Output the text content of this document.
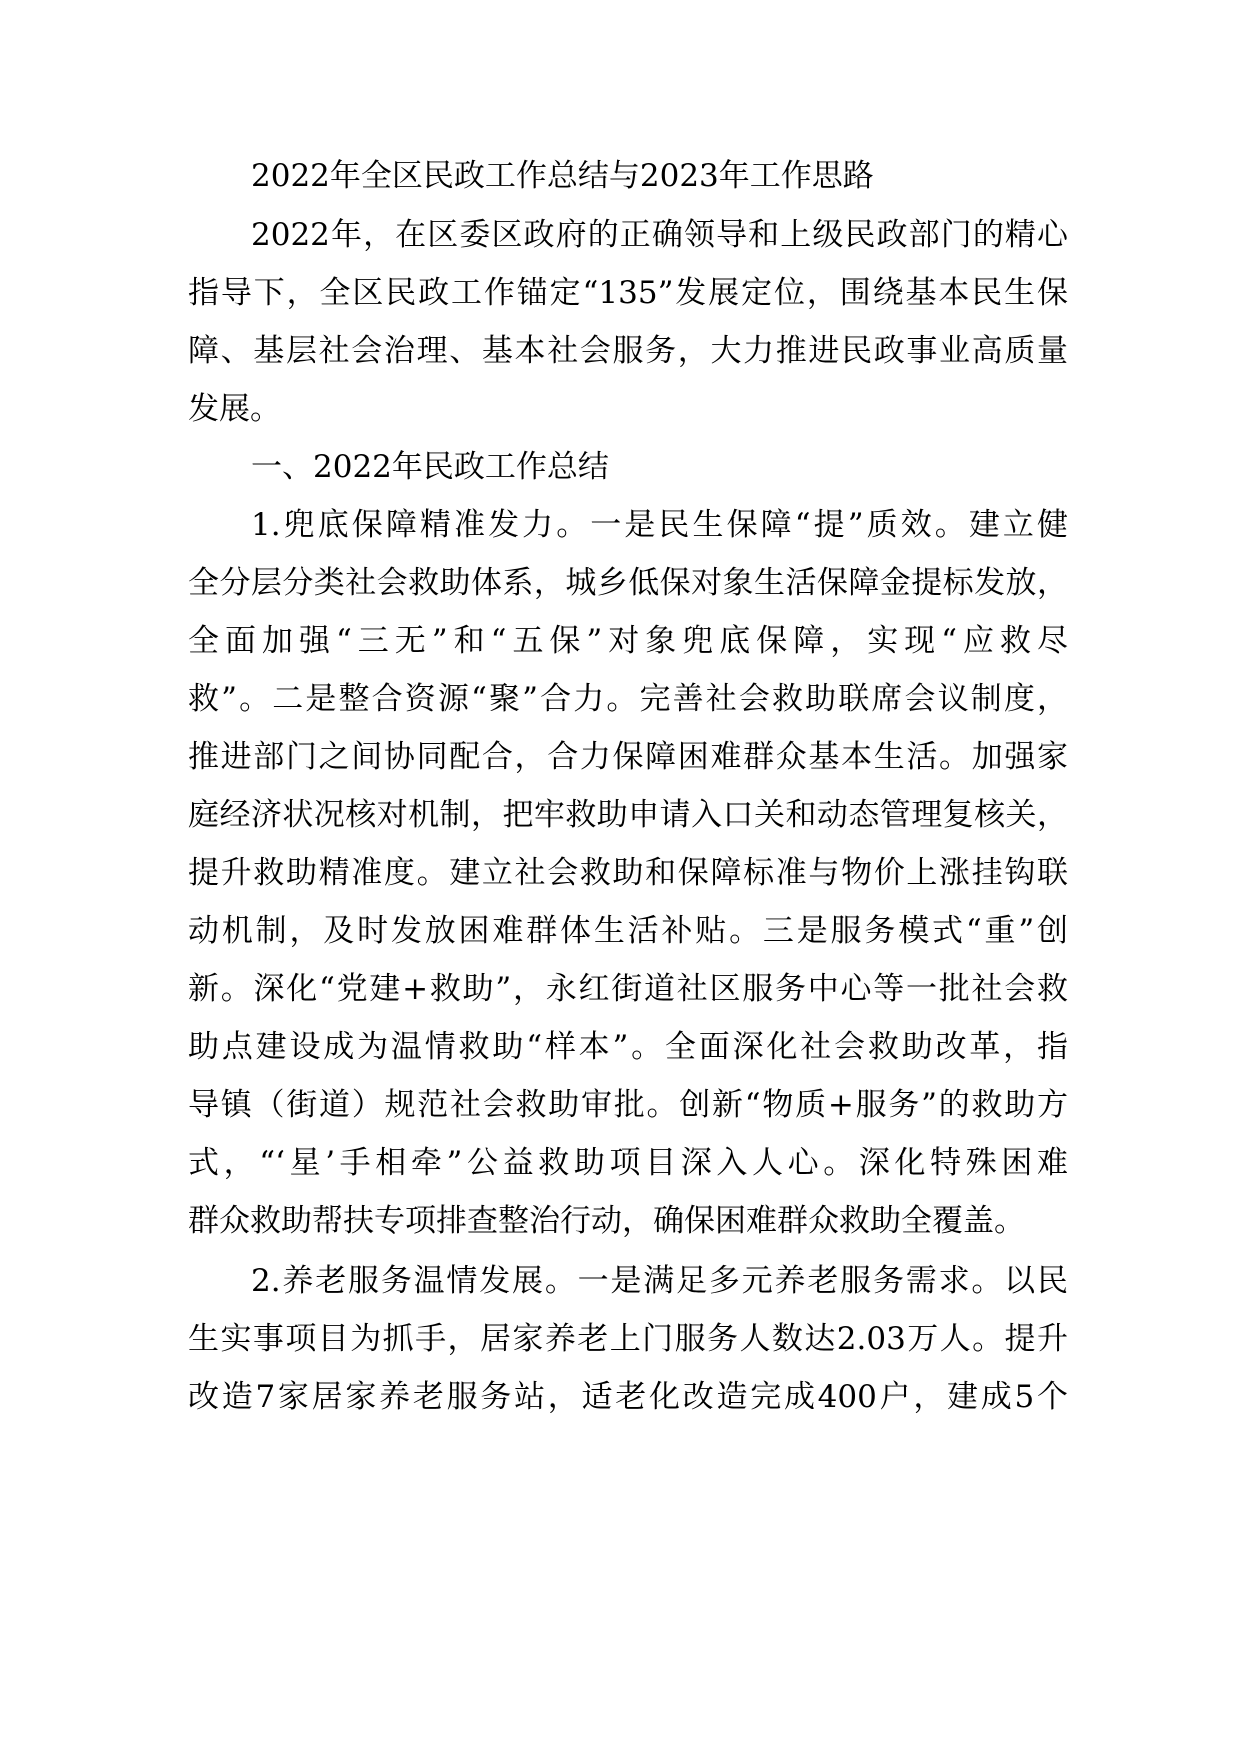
2022年全区民政工作总结与2023年工作思路
2022年，在区委区政府的正确领导和上级民政部门的精心
指导下，全区民政工作锚定“135”发展定位，围绕基本民生保
障、基层社会治理、基本社会服务，大力推进民政事业高质量
发展。
一、2022年民政工作总结
1.兜底保障精准发力。一是民生保障“提”质效。建立健
全分层分类社会救助体系，城乡低保对象生活保障金提标发放，
全面加强“三无”和“五保”对象兜底保障，实现“应救尽
救”。二是整合资源“聚”合力。完善社会救助联席会议制度，
推进部门之间协同配合，合力保障困难群众基本生活。加强家
庭经济状况核对机制，把牢救助申请入口关和动态管理复核关，
提升救助精准度。建立社会救助和保障标准与物价上涨挂钩联
动机制，及时发放困难群体生活补贴。三是服务模式“重”创
新。深化“党建+救助”，永红街道社区服务中心等一批社会救
助点建设成为温情救助“样本”。全面深化社会救助改革，指
导镇（街道）规范社会救助审批。创新“物质+服务”的救助方
式，“‘星’手相牵”公益救助项目深入人心。深化特殊困难
群众救助帮扶专项排查整治行动，确保困难群众救助全覆盖。
2.养老服务温情发展。一是满足多元养老服务需求。以民
生实事项目为抓手，居家养老上门服务人数达2.03万人。提升
改造7家居家养老服务站，适老化改造完成400户，建成5个
